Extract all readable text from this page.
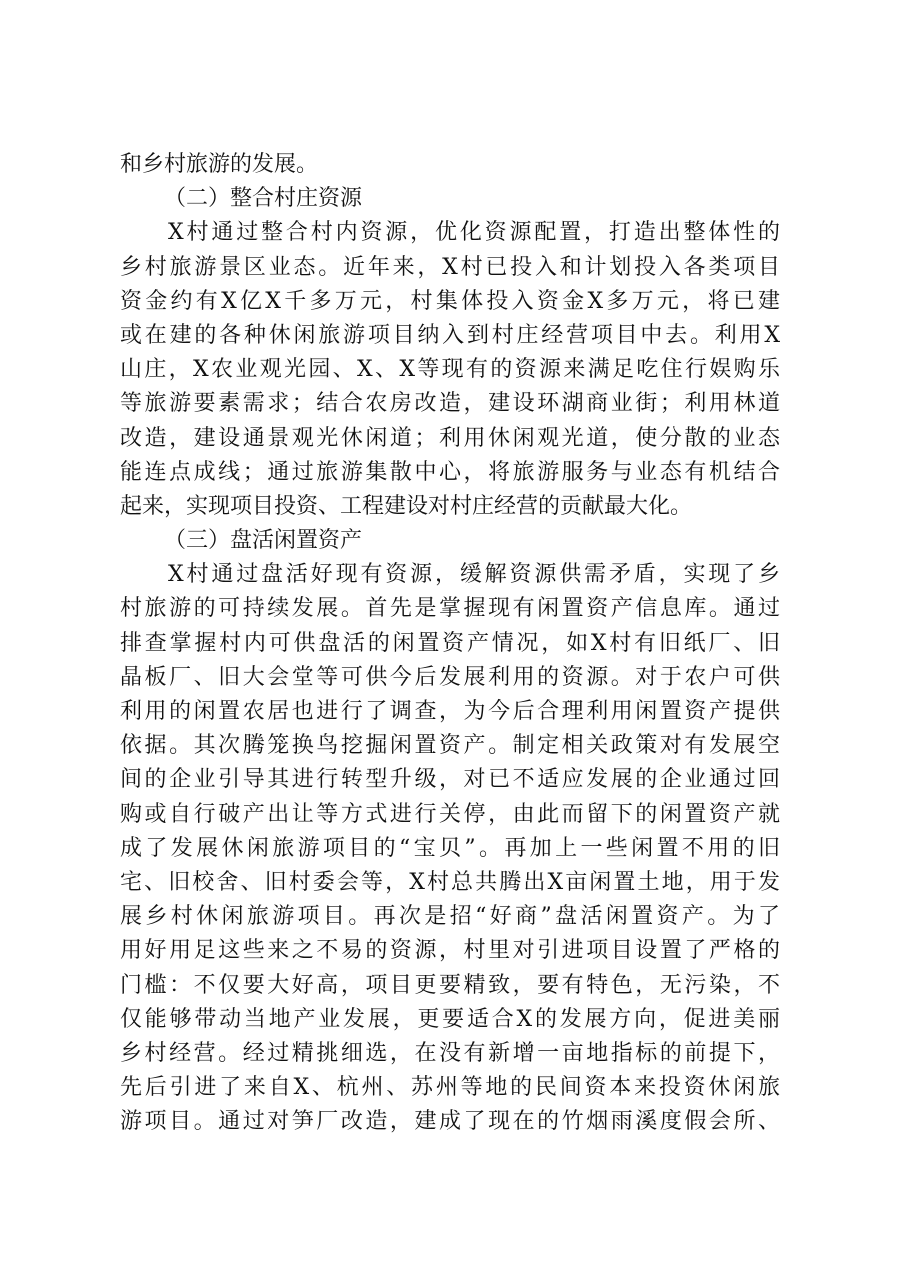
和乡村旅游的发展。
（二）整合村庄资源
X村通过整合村内资源，优化资源配置，打造出整体性的
乡村旅游景区业态。近年来，X村已投入和计划投入各类项目
资金约有X亿X千多万元，村集体投入资金X多万元，将已建
或在建的各种休闲旅游项目纳入到村庄经营项目中去。利用X
山庄，X农业观光园、X、X等现有的资源来满足吃住行娱购乐
等旅游要素需求；结合农房改造，建设环湖商业街；利用林道
改造，建设通景观光休闲道；利用休闲观光道，使分散的业态
能连点成线；通过旅游集散中心，将旅游服务与业态有机结合
起来，实现项目投资、工程建设对村庄经营的贡献最大化。
（三）盘活闲置资产
X村通过盘活好现有资源，缓解资源供需矛盾，实现了乡
村旅游的可持续发展。首先是掌握现有闲置资产信息库。通过
排查掌握村内可供盘活的闲置资产情况，如X村有旧纸厂、旧
晶板厂、旧大会堂等可供今后发展利用的资源。对于农户可供
利用的闲置农居也进行了调查，为今后合理利用闲置资产提供
依据。其次腾笼换鸟挖掘闲置资产。制定相关政策对有发展空
间的企业引导其进行转型升级，对已不适应发展的企业通过回
购或自行破产出让等方式进行关停，由此而留下的闲置资产就
成了发展休闲旅游项目的“宝贝”。再加上一些闲置不用的旧
宅、旧校舍、旧村委会等，X村总共腾出X亩闲置土地，用于发
展乡村休闲旅游项目。再次是招“好商”盘活闲置资产。为了
用好用足这些来之不易的资源，村里对引进项目设置了严格的
门槛：不仅要大好高，项目更要精致，要有特色，无污染，不
仅能够带动当地产业发展，更要适合X的发展方向，促进美丽
乡村经营。经过精挑细选，在没有新增一亩地指标的前提下，
先后引进了来自X、杭州、苏州等地的民间资本来投资休闲旅
游项目。通过对笋厂改造，建成了现在的竹烟雨溪度假会所、
